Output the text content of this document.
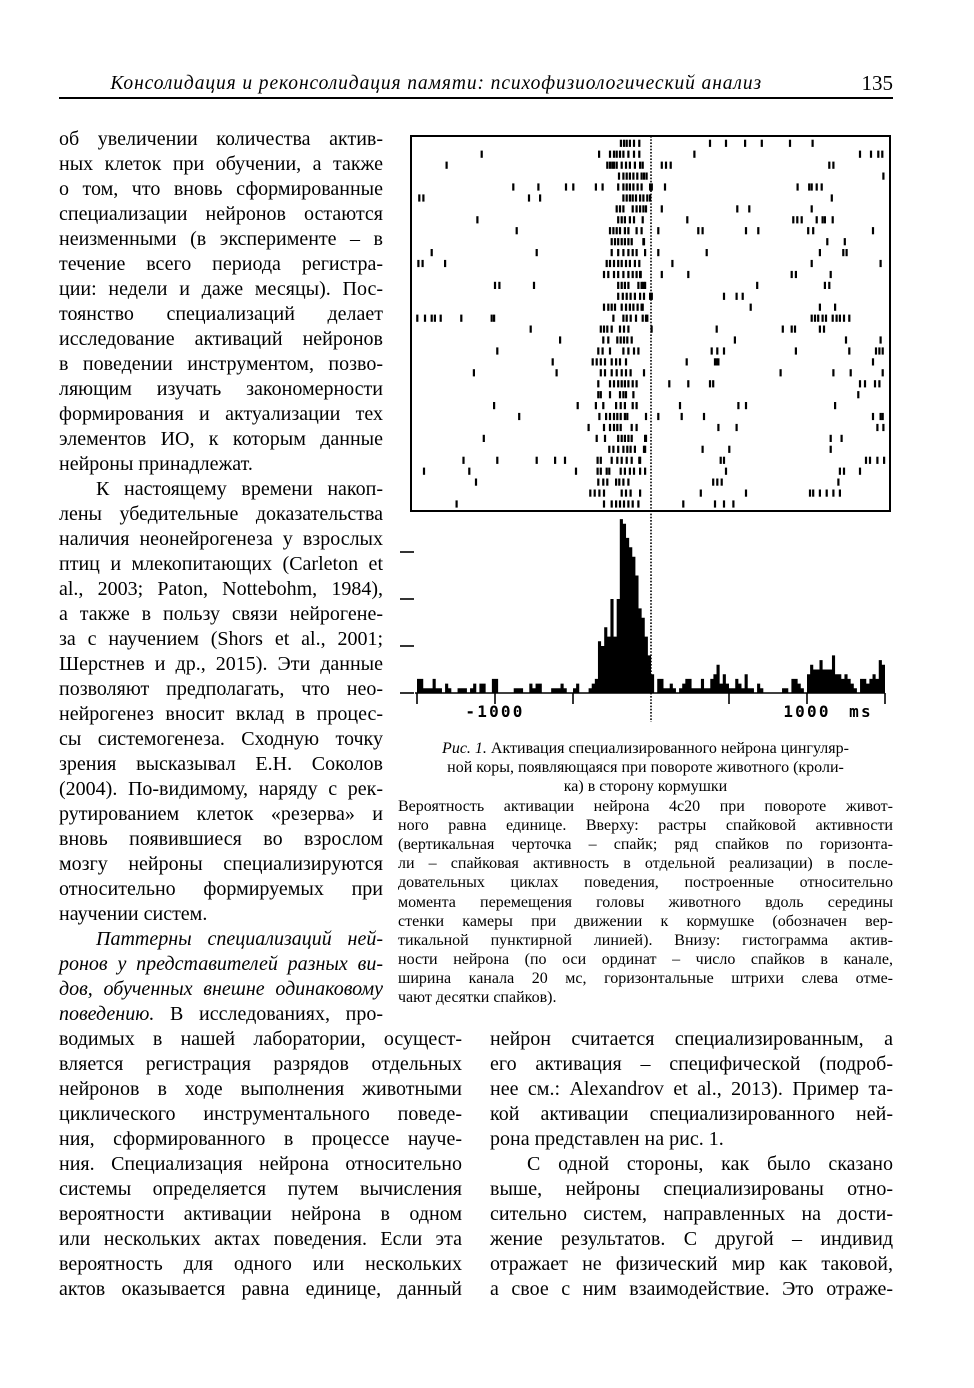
Консолидация и реконсолидация памяти: психофизиологический анализ	135
об увеличении количества актив-
ных клеток при обучении, а также
о том, что вновь сформированные
специализации нейронов остаются
неизменными (в эксперименте – в
течение всего периода регистра-
ции: недели и даже месяцы). Пос-
тоянство специализаций делает
исследование активаций нейронов
в поведении инструментом, позво-
ляющим изучать закономерности
формирования и актуализации тех
элементов ИО, к которым данные
нейроны принадлежат.
К настоящему времени накоп-
лены убедительные доказательства
наличия неонейрогенеза у взрослых
птиц и млекопитающих (Carleton et
al., 2003; Paton, Nottebohm, 1984),
а также в пользу связи нейрогене-
за с научением (Shors et al., 2001;
Шерстнев и др., 2015). Эти данные
позволяют предполагать, что нео-
нейрогенез вносит вклад в процес-
сы системогенеза. Сходную точку
зрения высказывал Е.Н. Соколов
(2004). По-видимому, наряду с рек-
рутированием клеток «резерва» и
вновь появившиеся во взрослом
мозгу нейроны специализируются
относительно формируемых при
научении систем.
Паттерны специализаций ней-
ронов у представителей разных ви-
дов, обученных внешне одинаковому
поведению. В исследованиях, про-
водимых в нашей лаборатории, осущест-
вляется регистрация разрядов отдельных
нейронов в ходе выполнения животными
циклического инструментального поведе-
ния, сформированного в процессе науче-
ния. Специализация нейрона относительно
системы определяется путем вычисления
вероятности активации нейрона в одном
или нескольких актах поведения. Если эта
вероятность для одного или нескольких
актов оказывается равна единице, данный
нейрон считается специализированным, а
его активация – специфической (подроб-
нее см.: Alexandrov et al., 2013). Пример та-
кой активации специализированного ней-
рона представлен на рис. 1.
С одной стороны, как было сказано
выше, нейроны специализированы отно-
сительно систем, направленных на дости-
жение результатов. С другой – индивид
отражает не физический мир как таковой,
а свое с ним взаимодействие. Это отраже-
-1000	1000 ms
Рис. 1. Активация специализированного нейрона цингуляр-
ной коры, появляющаяся при повороте животного (кроли-
ка) в сторону кормушки
Вероятность активации нейрона 4с20 при повороте живот-
ного равна единице. Вверху: растры спайковой активности
(вертикальная черточка – спайк; ряд спайков по горизонта-
ли – спайковая активность в отдельной реализации) в после-
довательных циклах поведения, построенные относительно
момента перемещения головы животного вдоль середины
стенки камеры при движении к кормушке (обозначен вер-
тикальной пунктирной линией). Внизу: гистограмма актив-
ности нейрона (по оси ординат – число спайков в канале,
ширина канала 20 мс, горизонтальные штрихи слева отме-
чают десятки спайков).
